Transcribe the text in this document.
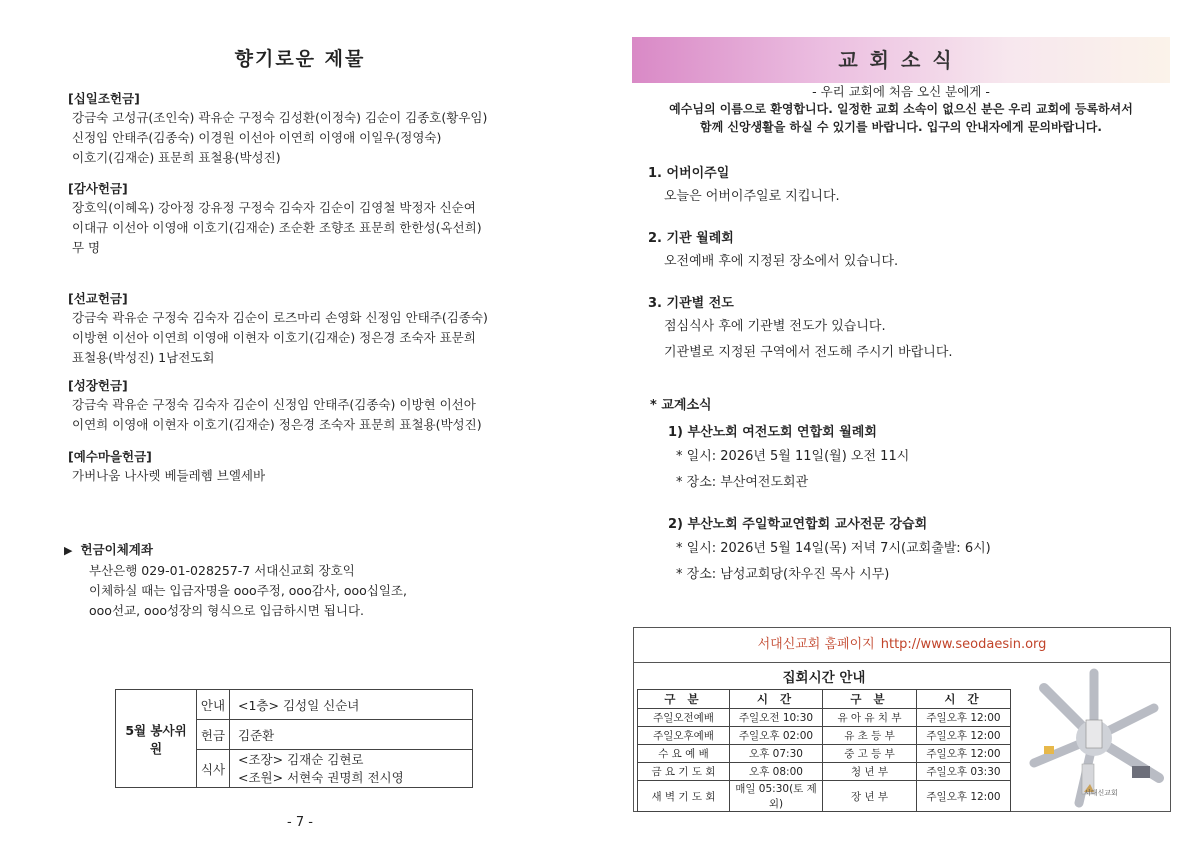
향기로운 제물
[십일조헌금]
강금숙 고성규(조인숙) 곽유순 구정숙 김성환(이정숙) 김순이 김종호(황우임)
신정임 안태주(김종숙) 이경원 이선아 이연희 이영애 이일우(정영숙)
이호기(김재순) 표문희 표철용(박성진)
[감사헌금]
장호익(이혜옥) 강아정 강유정 구정숙 김숙자 김순이 김영철 박정자 신순여
이대규 이선아 이영애 이호기(김재순) 조순환 조향조 표문희 한한성(옥선희)
무 명
[선교헌금]
강금숙 곽유순 구정숙 김숙자 김순이 로즈마리 손영화 신정임 안태주(김종숙)
이방현 이선아 이연희 이영애 이현자 이호기(김재순) 정은경 조숙자 표문희
표철용(박성진) 1남전도회
[성장헌금]
강금숙 곽유순 구정숙 김숙자 김순이 신정임 안태주(김종숙) 이방현 이선아
이연희 이영애 이현자 이호기(김재순) 정은경 조숙자 표문희 표철용(박성진)
[예수마을헌금]
가버나움 나사렛 베들레헴 브엘세바
▶ 헌금이체계좌
부산은행 029-01-028257-7 서대신교회 장호익
이체하실 때는 입금자명을 ooo주정, ooo감사, ooo십일조,
ooo선교, ooo성장의 형식으로 입금하시면 됩니다.
5월 봉사위원	안내	<1층> 김성일 신순녀
	헌금	김준환
	식사	<조장> 김재순 김현로
<조원> 서현숙 권명희 전시영
- 7 -
교회소식
- 우리 교회에 처음 오신 분에게 -
예수님의 이름으로 환영합니다. 일정한 교회 소속이 없으신 분은 우리 교회에 등록하셔서
함께 신앙생활을 하실 수 있기를 바랍니다. 입구의 안내자에게 문의바랍니다.
1. 어버이주일
오늘은 어버이주일로 지킵니다.
2. 기관 월례회
오전예배 후에 지정된 장소에서 있습니다.
3. 기관별 전도
점심식사 후에 기관별 전도가 있습니다.
기관별로 지정된 구역에서 전도해 주시기 바랍니다.
* 교계소식
1) 부산노회 여전도회 연합회 월례회
* 일시: 2026년 5월 11일(월) 오전 11시
* 장소: 부산여전도회관
2) 부산노회 주일학교연합회 교사전문 강습회
* 일시: 2026년 5월 14일(목) 저녁 7시(교회출발: 6시)
* 장소: 남성교회당(차우진 목사 시무)
서대신교회 홈페이지 http://www.seodaesin.org
집회시간 안내
구 분	시 간	구 분	시 간
주일오전예배	주일오전 10:30	유 아 유 치 부	주일오후 12:00
주일오후예배	주일오후 02:00	유 초 등 부	주일오후 12:00
수 요 예 배	오후 07:30	중 고 등 부	주일오후 12:00
금 요 기 도 회	오후 08:00	청 년 부	주일오후 03:30
새 벽 기 도 회	매일 05:30(토 제외)	장 년 부	주일오후 12:00	서대신교회
